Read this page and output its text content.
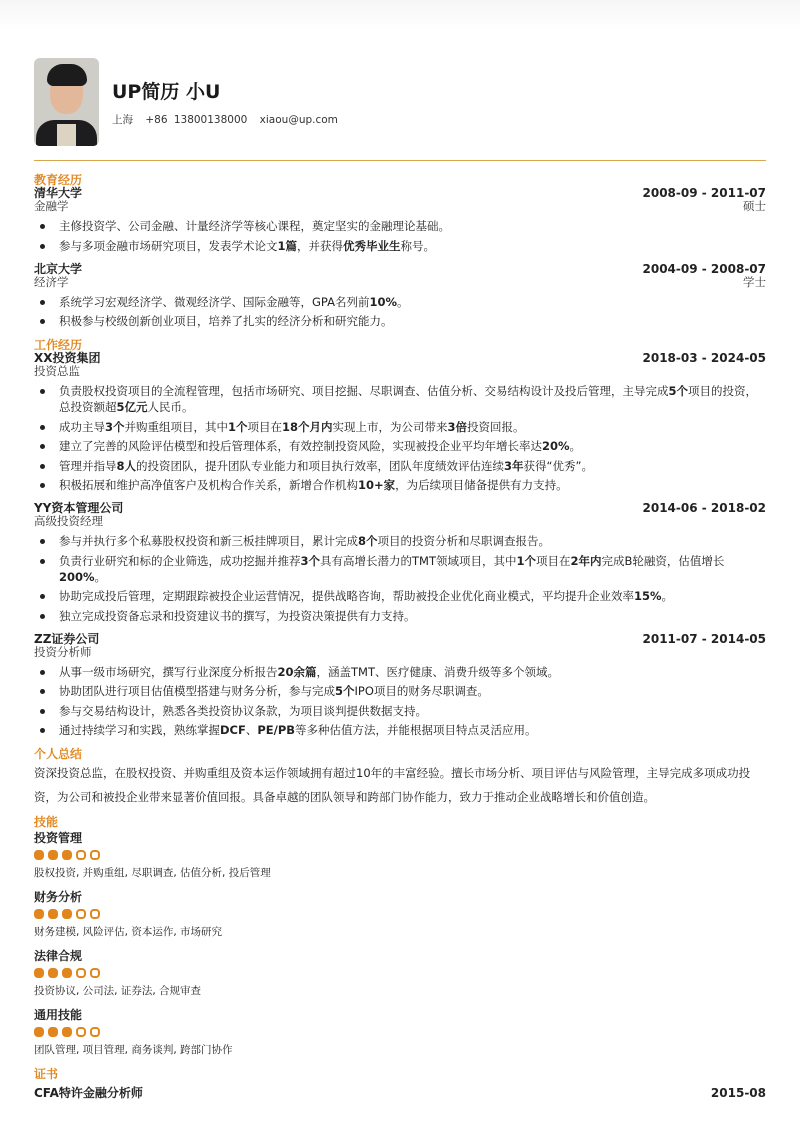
UP简历 小U
上海 +86 13800138000 xiaou@up.com
教育经历
清华大学	2008-09 - 2011-07
金融学	硕士
主修投资学、公司金融、计量经济学等核心课程，奠定坚实的金融理论基础。
参与多项金融市场研究项目，发表学术论文1篇，并获得优秀毕业生称号。
北京大学	2004-09 - 2008-07
经济学	学士
系统学习宏观经济学、微观经济学、国际金融等，GPA名列前10%。
积极参与校级创新创业项目，培养了扎实的经济分析和研究能力。
工作经历
XX投资集团	2018-03 - 2024-05
投资总监
负责股权投资项目的全流程管理，包括市场研究、项目挖掘、尽职调查、估值分析、交易结构设计及投后管理，主导完成5个项目的投资，总投资额超5亿元人民币。
成功主导3个并购重组项目，其中1个项目在18个月内实现上市，为公司带来3倍投资回报。
建立了完善的风险评估模型和投后管理体系，有效控制投资风险，实现被投企业平均年增长率达20%。
管理并指导8人的投资团队，提升团队专业能力和项目执行效率，团队年度绩效评估连续3年获得“优秀”。
积极拓展和维护高净值客户及机构合作关系，新增合作机构10+家，为后续项目储备提供有力支持。
YY资本管理公司	2014-06 - 2018-02
高级投资经理
参与并执行多个私募股权投资和新三板挂牌项目，累计完成8个项目的投资分析和尽职调查报告。
负责行业研究和标的企业筛选，成功挖掘并推荐3个具有高增长潜力的TMT领域项目，其中1个项目在2年内完成B轮融资，估值增长200%。
协助完成投后管理，定期跟踪被投企业运营情况，提供战略咨询，帮助被投企业优化商业模式，平均提升企业效率15%。
独立完成投资备忘录和投资建议书的撰写，为投资决策提供有力支持。
ZZ证券公司	2011-07 - 2014-05
投资分析师
从事一级市场研究，撰写行业深度分析报告20余篇，涵盖TMT、医疗健康、消费升级等多个领域。
协助团队进行项目估值模型搭建与财务分析，参与完成5个IPO项目的财务尽职调查。
参与交易结构设计，熟悉各类投资协议条款，为项目谈判提供数据支持。
通过持续学习和实践，熟练掌握DCF、PE/PB等多种估值方法，并能根据项目特点灵活应用。
个人总结
资深投资总监，在股权投资、并购重组及资本运作领域拥有超过10年的丰富经验。擅长市场分析、项目评估与风险管理，主导完成多项成功投资，为公司和被投企业带来显著价值回报。具备卓越的团队领导和跨部门协作能力，致力于推动企业战略增长和价值创造。
技能
投资管理
股权投资, 并购重组, 尽职调查, 估值分析, 投后管理
财务分析
财务建模, 风险评估, 资本运作, 市场研究
法律合规
投资协议, 公司法, 证券法, 合规审查
通用技能
团队管理, 项目管理, 商务谈判, 跨部门协作
证书
CFA特许金融分析师	2015-08
